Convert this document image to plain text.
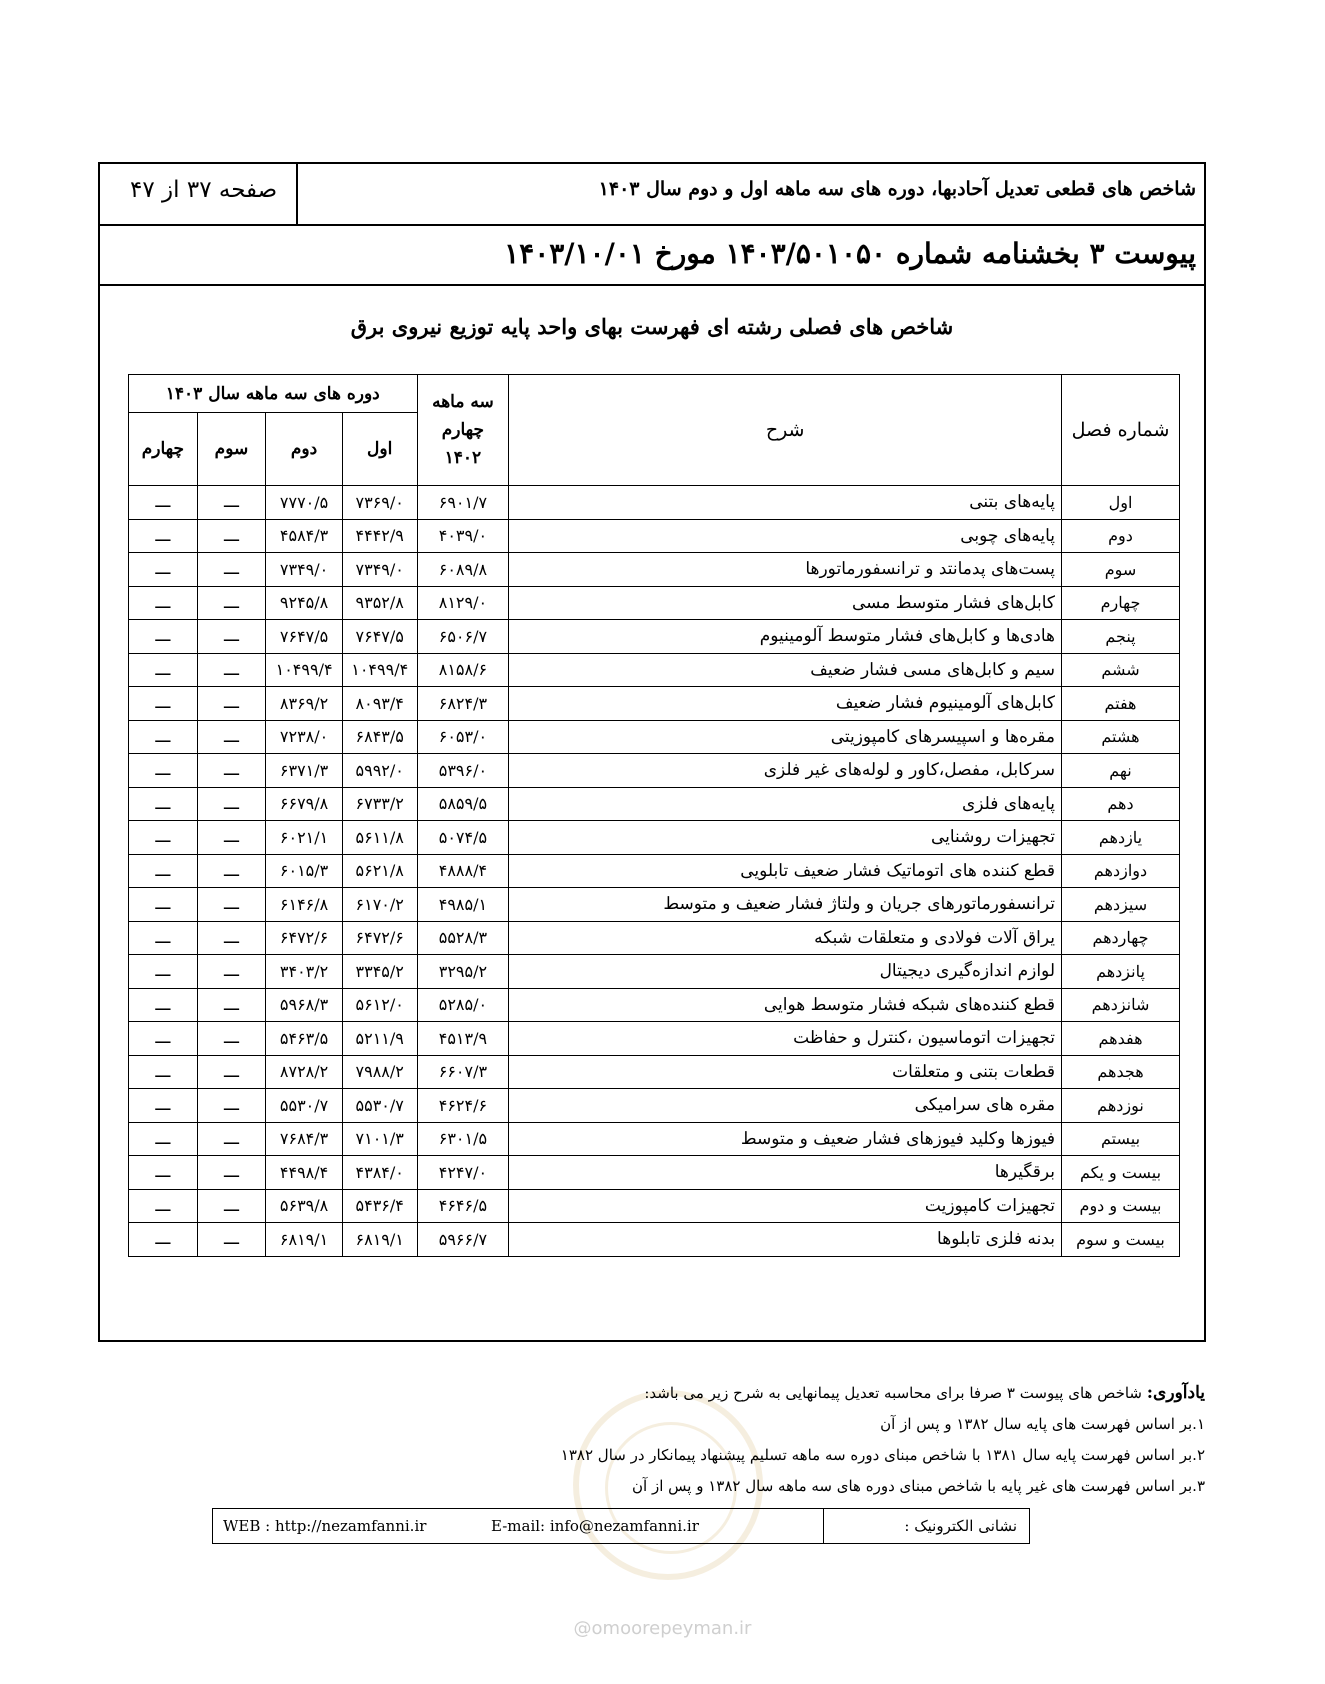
شاخص های قطعی تعدیل آحادبها، دوره های سه ماهه اول و دوم سال ۱۴۰۳
صفحه ۳۷ از ۴۷
پیوست ۳ بخشنامه شماره ۱۴۰۳/۵۰۱۰۵۰ مورخ ۱۴۰۳/۱۰/۰۱
شاخص های فصلی رشته ای فهرست بهای واحد پایه توزیع نیروی برق
شماره فصل	شرح	سه ماهه چهارم ۱۴۰۲	دوره های سه ماهه سال ۱۴۰۳			
			اول	دوم	سوم	چهارم
اول	پایه‌های بتنی	۶۹۰۱/۷	۷۳۶۹/۰	۷۷۷۰/۵	ـــ	ـــ
دوم	پایه‌های چوبی	۴۰۳۹/۰	۴۴۴۲/۹	۴۵۸۴/۳	ـــ	ـــ
سوم	پست‌های پدمانتد و ترانسفورماتورها	۶۰۸۹/۸	۷۳۴۹/۰	۷۳۴۹/۰	ـــ	ـــ
چهارم	کابل‌های فشار متوسط مسی	۸۱۲۹/۰	۹۳۵۲/۸	۹۲۴۵/۸	ـــ	ـــ
پنجم	هادی‌ها و کابل‌های فشار متوسط آلومینیوم	۶۵۰۶/۷	۷۶۴۷/۵	۷۶۴۷/۵	ـــ	ـــ
ششم	سیم و کابل‌های مسی فشار ضعیف	۸۱۵۸/۶	۱۰۴۹۹/۴	۱۰۴۹۹/۴	ـــ	ـــ
هفتم	کابل‌های آلومینیوم فشار ضعیف	۶۸۲۴/۳	۸۰۹۳/۴	۸۳۶۹/۲	ـــ	ـــ
هشتم	مقره‌ها و اسپیسرهای کامپوزیتی	۶۰۵۳/۰	۶۸۴۳/۵	۷۲۳۸/۰	ـــ	ـــ
نهم	سرکابل، مفصل،کاور و لوله‌های غیر فلزی	۵۳۹۶/۰	۵۹۹۲/۰	۶۳۷۱/۳	ـــ	ـــ
دهم	پایه‌های فلزی	۵۸۵۹/۵	۶۷۳۳/۲	۶۶۷۹/۸	ـــ	ـــ
یازدهم	تجهیزات روشنایی	۵۰۷۴/۵	۵۶۱۱/۸	۶۰۲۱/۱	ـــ	ـــ
دوازدهم	قطع کننده های اتوماتیک فشار ضعیف تابلویی	۴۸۸۸/۴	۵۶۲۱/۸	۶۰۱۵/۳	ـــ	ـــ
سیزدهم	ترانسفورماتورهای جریان و ولتاژ فشار ضعیف و متوسط	۴۹۸۵/۱	۶۱۷۰/۲	۶۱۴۶/۸	ـــ	ـــ
چهاردهم	یراق آلات فولادی و متعلقات شبکه	۵۵۲۸/۳	۶۴۷۲/۶	۶۴۷۲/۶	ـــ	ـــ
پانزدهم	لوازم اندازه‌گیری دیجیتال	۳۲۹۵/۲	۳۳۴۵/۲	۳۴۰۳/۲	ـــ	ـــ
شانزدهم	قطع کننده‌های شبکه فشار متوسط هوایی	۵۲۸۵/۰	۵۶۱۲/۰	۵۹۶۸/۳	ـــ	ـــ
هفدهم	تجهیزات اتوماسیون ،کنترل و حفاظت	۴۵۱۳/۹	۵۲۱۱/۹	۵۴۶۳/۵	ـــ	ـــ
هجدهم	قطعات بتنی و متعلقات	۶۶۰۷/۳	۷۹۸۸/۲	۸۷۲۸/۲	ـــ	ـــ
نوزدهم	مقره های سرامیکی	۴۶۲۴/۶	۵۵۳۰/۷	۵۵۳۰/۷	ـــ	ـــ
بیستم	فیوزها وکلید فیوزهای فشار ضعیف و متوسط	۶۳۰۱/۵	۷۱۰۱/۳	۷۶۸۴/۳	ـــ	ـــ
بیست و یکم	برقگیرها	۴۲۴۷/۰	۴۳۸۴/۰	۴۴۹۸/۴	ـــ	ـــ
بیست و دوم	تجهیزات کامپوزیت	۴۶۴۶/۵	۵۴۳۶/۴	۵۶۳۹/۸	ـــ	ـــ
بیست و سوم	بدنه فلزی تابلوها	۵۹۶۶/۷	۶۸۱۹/۱	۶۸۱۹/۱	ـــ	ـــ
یادآوری: شاخص های پیوست ۳ صرفا برای محاسبه تعدیل پیمانهایی به شرح زیر می باشد:
۱.بر اساس فهرست های پایه سال ۱۳۸۲ و پس از آن
۲.بر اساس فهرست پایه سال ۱۳۸۱ با شاخص مبنای دوره سه ماهه تسلیم پیشنهاد پیمانکار در سال ۱۳۸۲
۳.بر اساس فهرست های غیر پایه با شاخص مبنای دوره های سه ماهه سال ۱۳۸۲ و پس از آن
نشانی الکترونیک :
WEB : http://nezamfanni.ir	E-mail: info@nezamfanni.ir
@omoorepeyman.ir
